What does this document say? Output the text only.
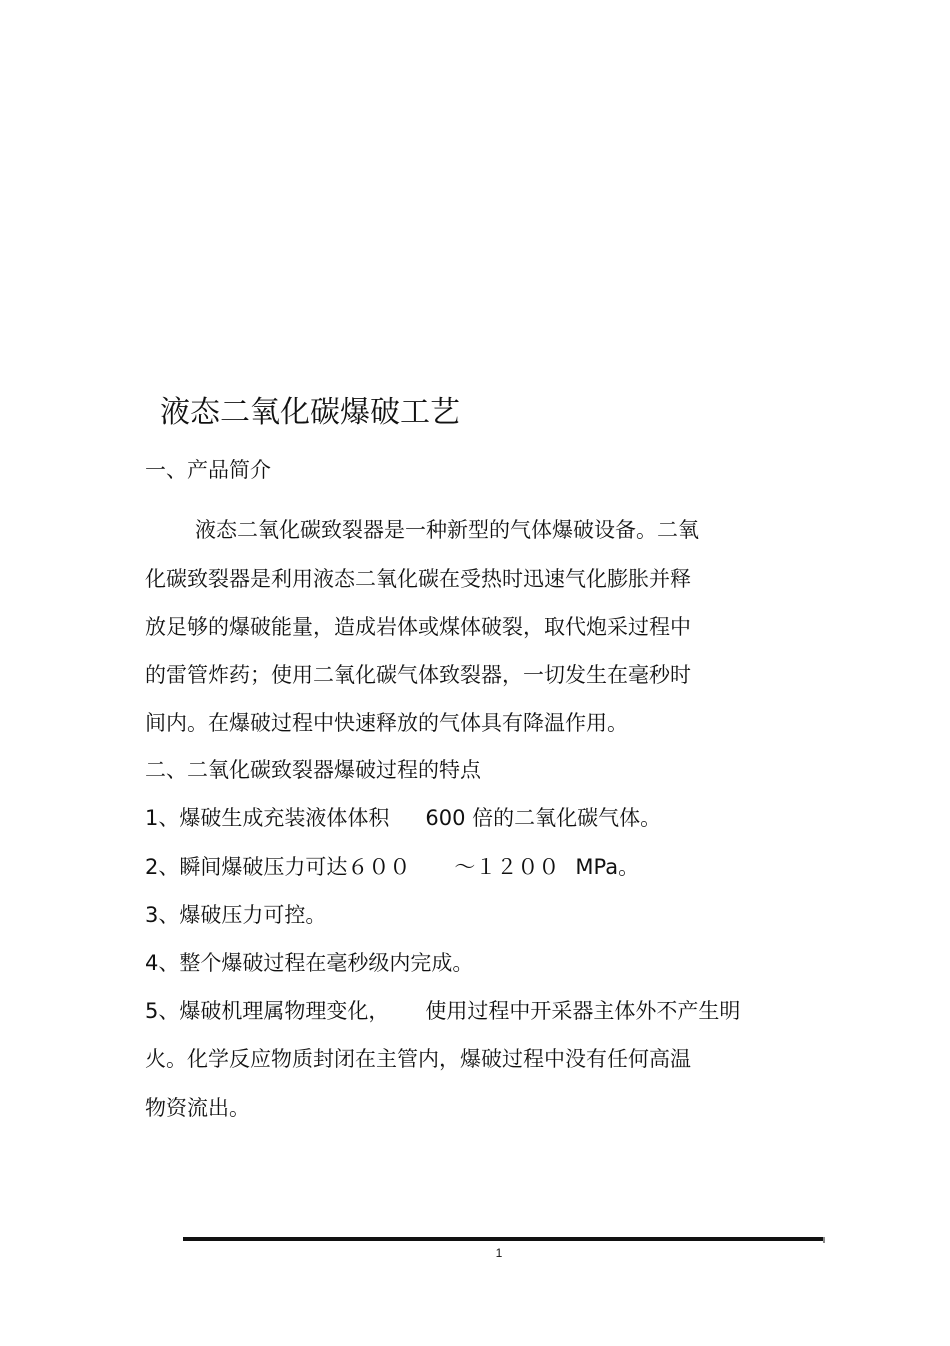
液态二氧化碳爆破工艺

一、产品简介

液态二氧化碳致裂器是一种新型的气体爆破设备。二氧

化碳致裂器是利用液态二氧化碳在受热时迅速气化膨胀并释

放足够的爆破能量，造成岩体或煤体破裂，取代炮采过程中

的雷管炸药；使用二氧化碳气体致裂器，一切发生在毫秒时

间内。在爆破过程中快速释放的气体具有降温作用。

二、二氧化碳致裂器爆破过程的特点

1、爆破生成充装液体体积 600 倍的二氧化碳气体。

2、瞬间爆破压力可达６００ ～１２００ MPa。

3、爆破压力可控。

4、整个爆破过程在毫秒级内完成。

5、爆破机理属物理变化， 使用过程中开采器主体外不产生明

火。化学反应物质封闭在主管内，爆破过程中没有任何高温

物资流出。

1
